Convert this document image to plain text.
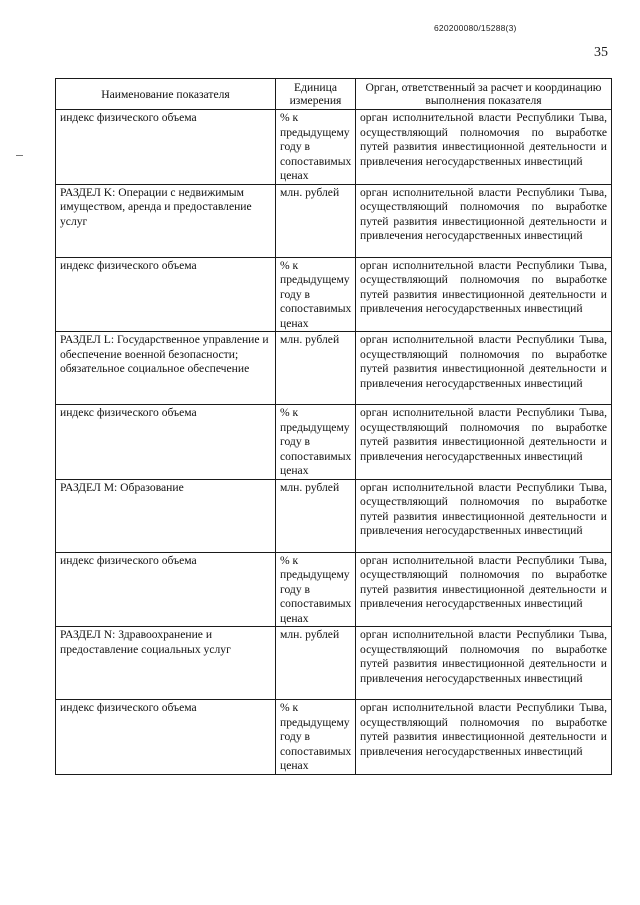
620200080/15288(3)
35
Наименование показателя	Единица измерения	Орган, ответственный за расчет и координацию выполнения показателя
индекс физического объема	% к предыдущему году в сопоставимых ценах	орган исполнительной власти Республики Тыва, осуществляющий полномочия по выработке путей развития инвестиционной деятельности и привлечения негосударственных инвестиций
РАЗДЕЛ K: Операции с недвижимым имуществом, аренда и предоставление услуг	млн. рублей	орган исполнительной власти Республики Тыва, осуществляющий полномочия по выработке путей развития инвестиционной деятельности и привлечения негосударственных инвестиций
индекс физического объема	% к предыдущему году в сопоставимых ценах	орган исполнительной власти Республики Тыва, осуществляющий полномочия по выработке путей развития инвестиционной деятельности и привлечения негосударственных инвестиций
РАЗДЕЛ L: Государственное управление и обеспечение военной безопасности; обязательное социальное обеспечение	млн. рублей	орган исполнительной власти Республики Тыва, осуществляющий полномочия по выработке путей развития инвестиционной деятельности и привлечения негосударственных инвестиций
индекс физического объема	% к предыдущему году в сопоставимых ценах	орган исполнительной власти Республики Тыва, осуществляющий полномочия по выработке путей развития инвестиционной деятельности и привлечения негосударственных инвестиций
РАЗДЕЛ M: Образование	млн. рублей	орган исполнительной власти Республики Тыва, осуществляющий полномочия по выработке путей развития инвестиционной деятельности и привлечения негосударственных инвестиций
индекс физического объема	% к предыдущему году в сопоставимых ценах	орган исполнительной власти Республики Тыва, осуществляющий полномочия по выработке путей развития инвестиционной деятельности и привлечения негосударственных инвестиций
РАЗДЕЛ N: Здравоохранение и предоставление социальных услуг	млн. рублей	орган исполнительной власти Республики Тыва, осуществляющий полномочия по выработке путей развития инвестиционной деятельности и привлечения негосударственных инвестиций
индекс физического объема	% к предыдущему году в сопоставимых ценах	орган исполнительной власти Республики Тыва, осуществляющий полномочия по выработке путей развития инвестиционной деятельности и привлечения негосударственных инвестиций
